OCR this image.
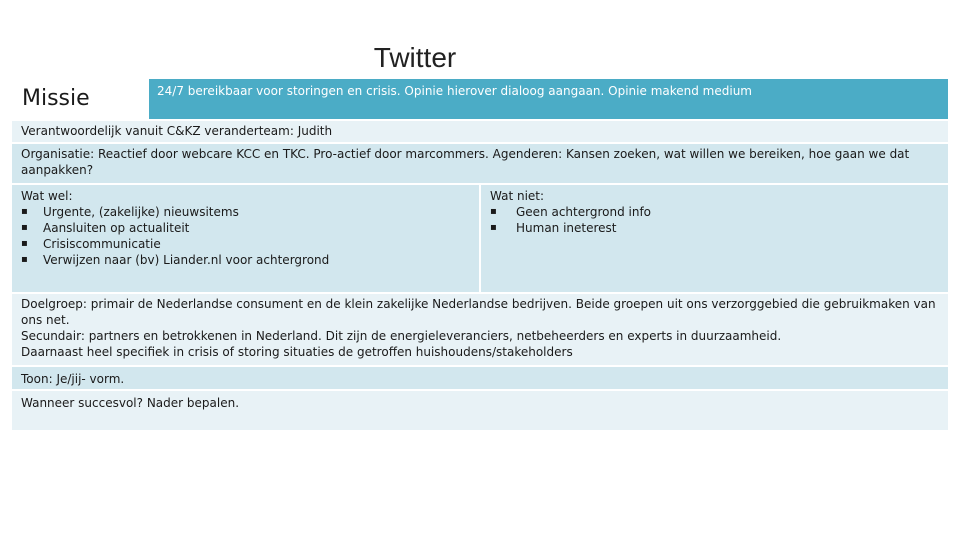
Twitter
Missie	24/7 bereikbaar voor storingen en crisis. Opinie hierover dialoog aangaan. Opinie makend medium
Verantwoordelijk vanuit C&KZ veranderteam: Judith
Organisatie: Reactief door webcare KCC en TKC. Pro-actief door marcommers. Agenderen: Kansen zoeken, wat willen we bereiken, hoe gaan we dat aanpakken?

Wat wel:

▪ Urgente, (zakelijke) nieuwsitems
▪ Aansluiten op actualiteit
▪ Crisiscommunicatie
▪ Verwijzen naar (bv) Liander.nl voor achtergrond

Wat niet:

▪ Geen achtergrond info
▪ Human ineterest

Doelgroep: primair de Nederlandse consument en de klein zakelijke Nederlandse bedrijven. Beide groepen uit ons verzorggebied die gebruikmaken van ons net.

Secundair: partners en betrokkenen in Nederland. Dit zijn de energieleveranciers, netbeheerders en experts in duurzaamheid.

Daarnaast heel specifiek in crisis of storing situaties de getroffen huishoudens/stakeholders

Toon: Je/jij- vorm.
Wanneer succesvol? Nader bepalen.
